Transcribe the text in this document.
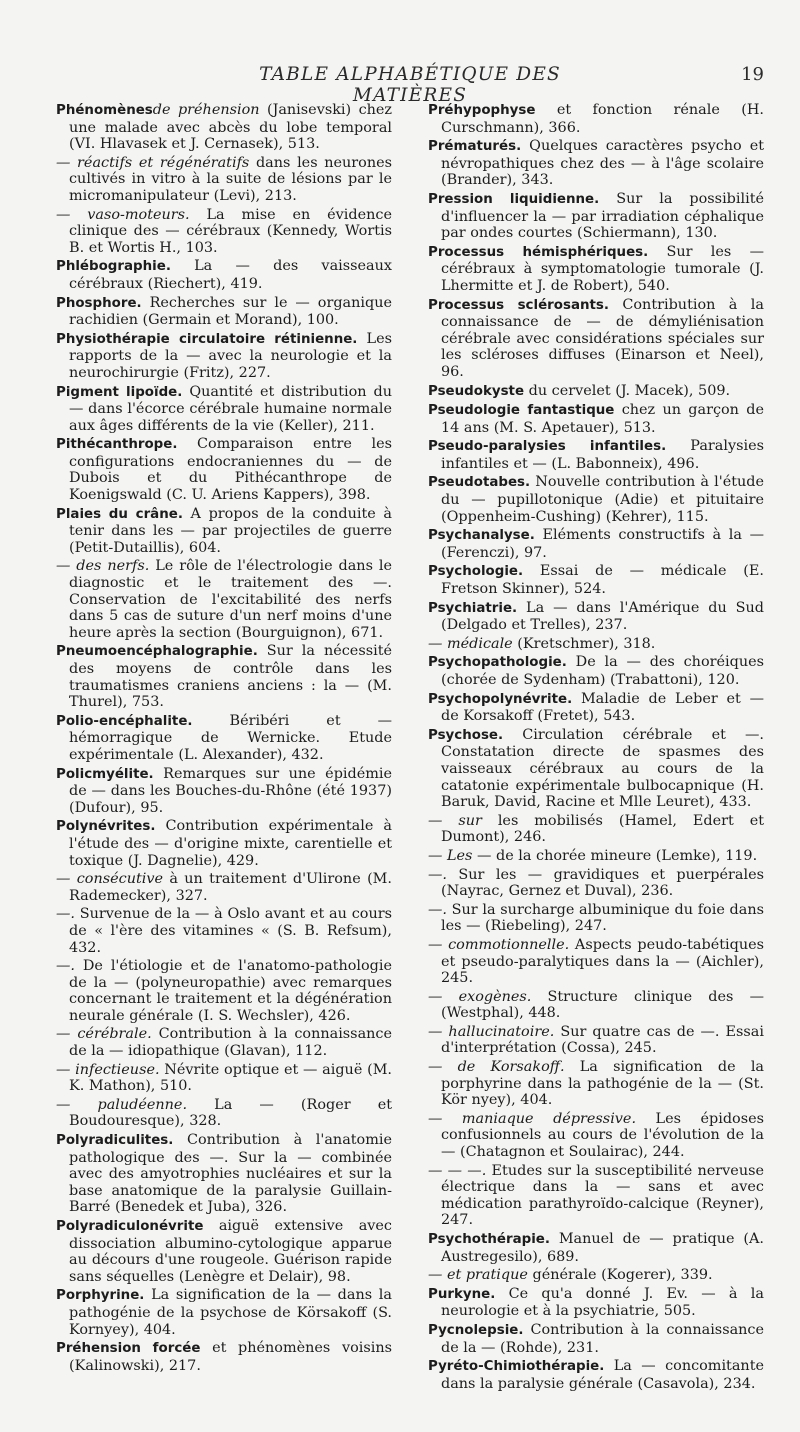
TABLE ALPHABÉTIQUE DES MATIÈRES
19

Phénomènesde préhension (Janisevski) chez une malade avec abcès du lobe temporal (VI. Hlavasek et J. Cernasek), 513.

— réactifs et régénératifs dans les neurones cultivés in vitro à la suite de lésions par le micromanipulateur (Levi), 213.

— vaso-moteurs. La mise en évidence clinique des — cérébraux (Kennedy, Wortis B. et Wortis H., 103.

Phlébographie. La — des vaisseaux cérébraux (Riechert), 419.

Phosphore. Recherches sur le — organique rachidien (Germain et Morand), 100.

Physiothérapie circulatoire rétinienne. Les rapports de la — avec la neurologie et la neurochirurgie (Fritz), 227.

Pigment lipoïde. Quantité et distribution du — dans l'écorce cérébrale humaine normale aux âges différents de la vie (Keller), 211.

Pithécanthrope. Comparaison entre les configurations endocraniennes du — de Dubois et du Pithécanthrope de Koenigswald (C. U. Ariens Kappers), 398.

Plaies du crâne. A propos de la conduite à tenir dans les — par projectiles de guerre (Petit-Dutaillis), 604.

— des nerfs. Le rôle de l'électrologie dans le diagnostic et le traitement des —. Conservation de l'excitabilité des nerfs dans 5 cas de suture d'un nerf moins d'une heure après la section (Bourguignon), 671.

Pneumoencéphalographie. Sur la nécessité des moyens de contrôle dans les traumatismes craniens anciens : la — (M. Thurel), 753.

Polio-encéphalite. Béribéri et — hémorragique de Wernicke. Etude expérimentale (L. Alexander), 432.

Policmyélite. Remarques sur une épidémie de — dans les Bouches-du-Rhône (été 1937) (Dufour), 95.

Polynévrites. Contribution expérimentale à l'étude des — d'origine mixte, carentielle et toxique (J. Dagnelie), 429.

— consécutive à un traitement d'Ulirone (M. Rademecker), 327.

—. Survenue de la — à Oslo avant et au cours de « l'ère des vitamines « (S. B. Refsum), 432.

—. De l'étiologie et de l'anatomo-pathologie de la — (polyneuropathie) avec remarques concernant le traitement et la dégénération neurale générale (I. S. Wechsler), 426.

— cérébrale. Contribution à la connaissance de la — idiopathique (Glavan), 112.

— infectieuse. Névrite optique et — aiguë (M. K. Mathon), 510.

— paludéenne. La — (Roger et Boudouresque), 328.

Polyradiculites. Contribution à l'anatomie pathologique des —. Sur la — combinée avec des amyotrophies nucléaires et sur la base anatomique de la paralysie Guillain-Barré (Benedek et Juba), 326.

Polyradiculonévrite aiguë extensive avec dissociation albumino-cytologique apparue au décours d'une rougeole. Guérison rapide sans séquelles (Lenègre et Delair), 98.

Porphyrine. La signification de la — dans la pathogénie de la psychose de Körsakoff (S. Kornyey), 404.

Préhension forcée et phénomènes voisins (Kalinowski), 217.

Préhypophyse et fonction rénale (H. Curschmann), 366.

Prématurés. Quelques caractères psycho et névropathiques chez des — à l'âge scolaire (Brander), 343.

Pression liquidienne. Sur la possibilité d'influencer la — par irradiation céphalique par ondes courtes (Schiermann), 130.

Processus hémisphériques. Sur les — cérébraux à symptomatologie tumorale (J. Lhermitte et J. de Robert), 540.

Processus sclérosants. Contribution à la connaissance de — de démyliénisation cérébrale avec considérations spéciales sur les scléroses diffuses (Einarson et Neel), 96.

Pseudokyste du cervelet (J. Macek), 509.

Pseudologie fantastique chez un garçon de 14 ans (M. S. Apetauer), 513.

Pseudo-paralysies infantiles. Paralysies infantiles et — (L. Babonneix), 496.

Pseudotabes. Nouvelle contribution à l'étude du — pupillotonique (Adie) et pituitaire (Oppenheim-Cushing) (Kehrer), 115.

Psychanalyse. Eléments constructifs à la — (Ferenczi), 97.

Psychologie. Essai de — médicale (E. Fretson Skinner), 524.

Psychiatrie. La — dans l'Amérique du Sud (Delgado et Trelles), 237.

— médicale (Kretschmer), 318.

Psychopathologie. De la — des choréiques (chorée de Sydenham) (Trabattoni), 120.

Psychopolynévrite. Maladie de Leber et — de Korsakoff (Fretet), 543.

Psychose. Circulation cérébrale et —. Constatation directe de spasmes des vaisseaux cérébraux au cours de la catatonie expérimentale bulbocapnique (H. Baruk, David, Racine et Mlle Leuret), 433.

— sur les mobilisés (Hamel, Edert et Dumont), 246.

— Les — de la chorée mineure (Lemke), 119.

—. Sur les — gravidiques et puerpérales (Nayrac, Gernez et Duval), 236.

—. Sur la surcharge albuminique du foie dans les — (Riebeling), 247.

— commotionnelle. Aspects peudo-tabétiques et pseudo-paralytiques dans la — (Aichler), 245.

— exogènes. Structure clinique des — (Westphal), 448.

— hallucinatoire. Sur quatre cas de —. Essai d'interprétation (Cossa), 245.

— de Korsakoff. La signification de la porphyrine dans la pathogénie de la — (St. Kör nyey), 404.

— maniaque dépressive. Les épidoses confusionnels au cours de l'évolution de la — (Chatagnon et Soulairac), 244.

— — —. Etudes sur la susceptibilité nerveuse électrique dans la — sans et avec médication parathyroïdo-calcique (Reyner), 247.

Psychothérapie. Manuel de — pratique (A. Austregesilo), 689.

— et pratique générale (Kogerer), 339.

Purkyne. Ce qu'a donné J. Ev. — à la neurologie et à la psychiatrie, 505.

Pycnolepsie. Contribution à la connaissance de la — (Rohde), 231.

Pyréto-Chimiothérapie. La — concomitante dans la paralysie générale (Casavola), 234.
